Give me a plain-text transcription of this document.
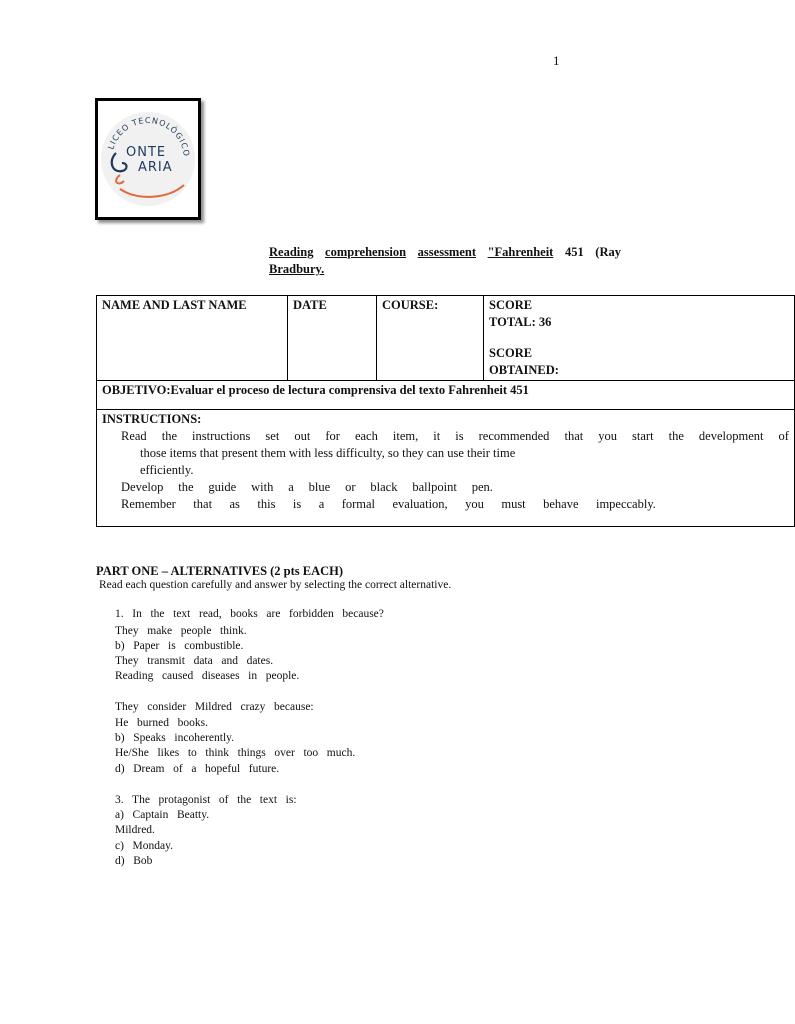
1
LICEO TECNOLÓGICO
ONTE
ARIA
Reading comprehension assessment "Fahrenheit 451 (Ray
Bradbury.
NAME AND LAST NAME	DATE	COURSE:	SCORE
TOTAL: 36
SCORE
OBTAINED:

OBJETIVO:Evaluar el proceso de lectura comprensiva del texto Fahrenheit 451

INSTRUCTIONS:
Read the instructions set out for each item, it is recommended that you start the development of
those items that present them with less difficulty, so they can use their time
efficiently.
Develop the guide with a blue or black ballpoint pen.
Remember that as this is a formal evaluation, you must behave impeccably.
PART ONE – ALTERNATIVES (2 pts EACH)
Read each question carefully and answer by selecting the correct alternative.
1.   In   the   text   read,   books   are   forbidden   because?
They   make   people   think.
b)   Paper   is   combustible.
They   transmit   data   and   dates.
Reading   caused   diseases   in   people.
They   consider   Mildred   crazy   because:
He   burned   books.
b)   Speaks   incoherently.
He/She   likes   to   think   things   over   too   much.
d)   Dream   of   a   hopeful   future.
3.   The   protagonist   of   the   text   is:
a)   Captain   Beatty.
Mildred.
c)   Monday.
d)   Bob
